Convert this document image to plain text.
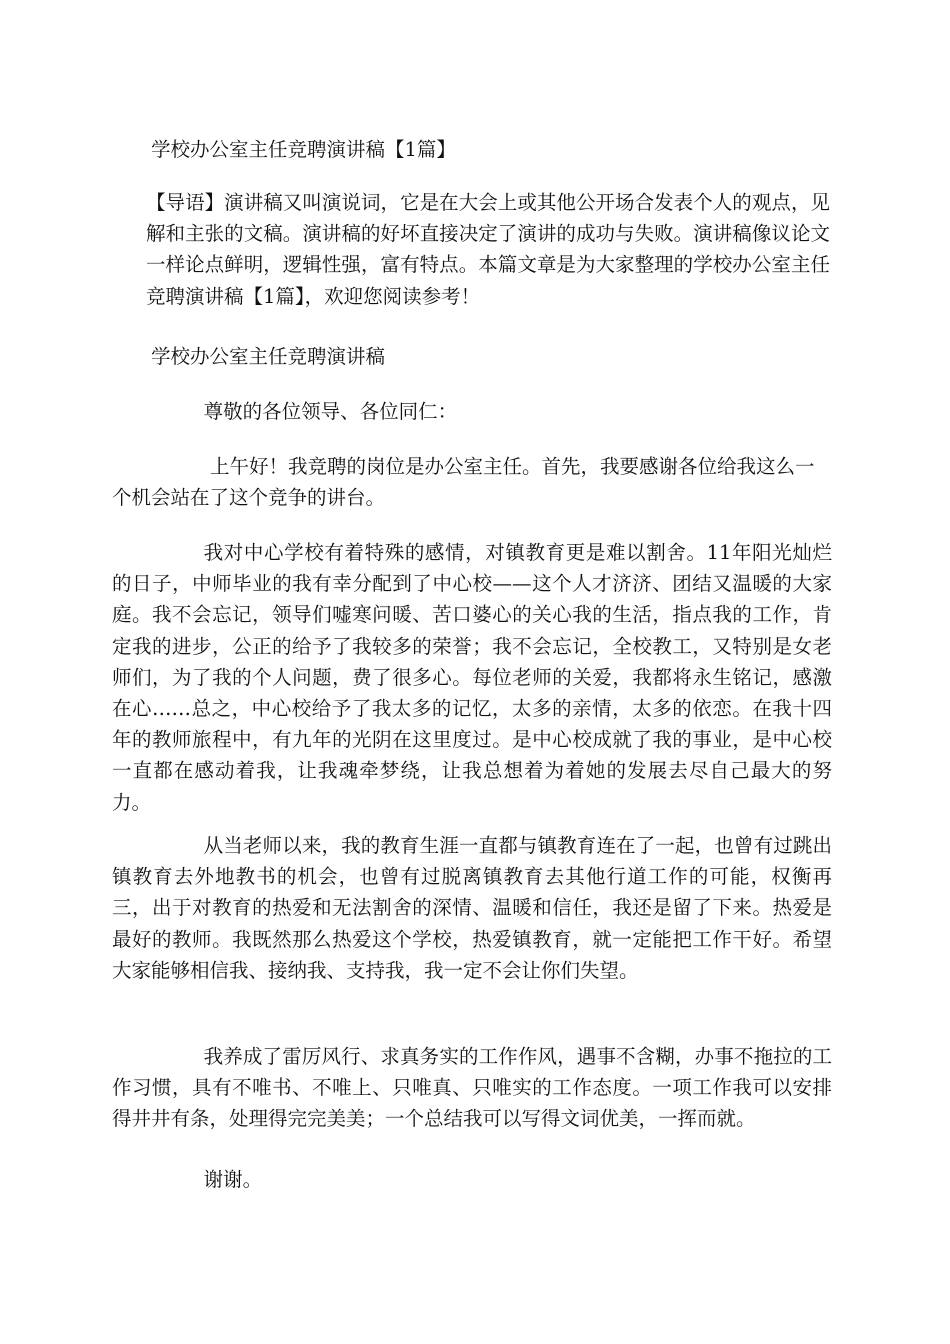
学校办公室主任竞聘演讲稿【1篇】

【导语】演讲稿又叫演说词，它是在大会上或其他公开场合发表个人的观点，见解和主张的文稿。演讲稿的好坏直接决定了演讲的成功与失败。演讲稿像议论文一样论点鲜明，逻辑性强，富有特点。本篇文章是为大家整理的学校办公室主任竞聘演讲稿【1篇】，欢迎您阅读参考！

学校办公室主任竞聘演讲稿

尊敬的各位领导、各位同仁：

上午好！我竞聘的岗位是办公室主任。首先，我要感谢各位给我这么一

个机会站在了这个竞争的讲台。

我对中心学校有着特殊的感情，对镇教育更是难以割舍。11年阳光灿烂的日子，中师毕业的我有幸分配到了中心校——这个人才济济、团结又温暖的大家庭。我不会忘记，领导们嘘寒问暖、苦口婆心的关心我的生活，指点我的工作，肯定我的进步，公正的给予了我较多的荣誉；我不会忘记，全校教工，又特别是女老师们，为了我的个人问题，费了很多心。每位老师的关爱，我都将永生铭记，感激在心……总之，中心校给予了我太多的记忆，太多的亲情，太多的依恋。在我十四年的教师旅程中，有九年的光阴在这里度过。是中心校成就了我的事业，是中心校一直都在感动着我，让我魂牵梦绕，让我总想着为着她的发展去尽自己最大的努力。

从当老师以来，我的教育生涯一直都与镇教育连在了一起，也曾有过跳出镇教育去外地教书的机会，也曾有过脱离镇教育去其他行道工作的可能，权衡再三，出于对教育的热爱和无法割舍的深情、温暖和信任，我还是留了下来。热爱是最好的教师。我既然那么热爱这个学校，热爱镇教育，就一定能把工作干好。希望大家能够相信我、接纳我、支持我，我一定不会让你们失望。

我养成了雷厉风行、求真务实的工作作风，遇事不含糊，办事不拖拉的工作习惯，具有不唯书、不唯上、只唯真、只唯实的工作态度。一项工作我可以安排得井井有条，处理得完完美美；一个总结我可以写得文词优美，一挥而就。

谢谢。
